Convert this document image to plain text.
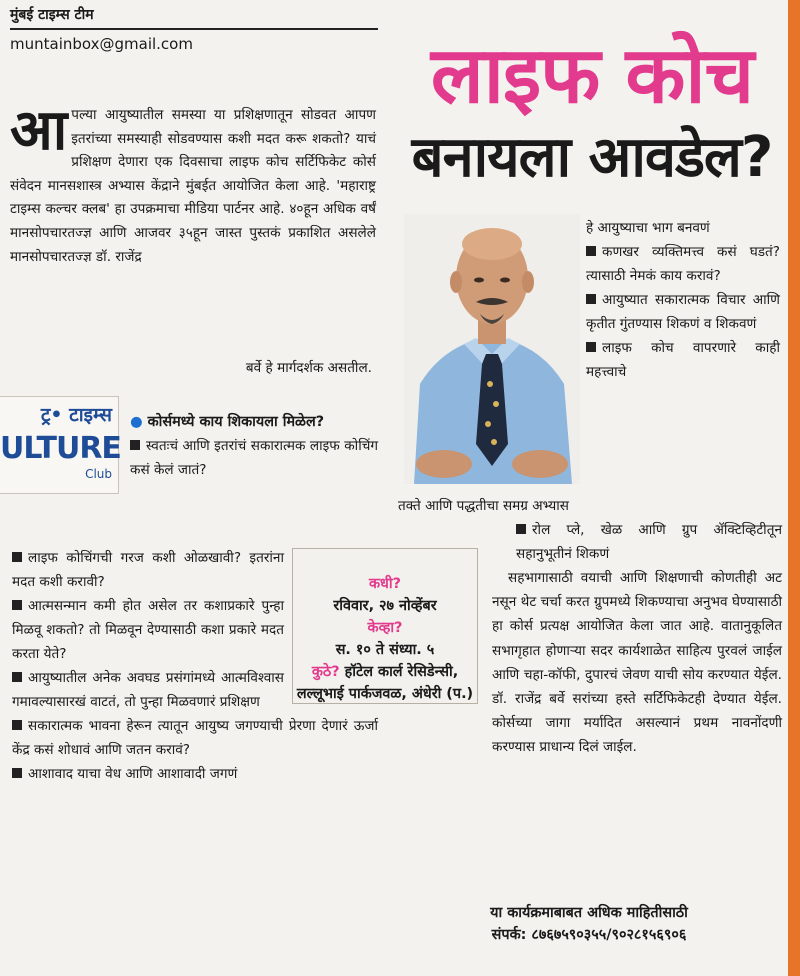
मुंबई टाइम्स टीम
muntainbox@gmail.com	लाइफ कोच
बनायला आवडेल?
आपल्या आयुष्यातील समस्या या प्रशिक्षणातून सोडवत आपण इतरांच्या समस्याही सोडवण्यास कशी मदत करू शकतो? याचं प्रशिक्षण देणारा एक दिवसाचा लाइफ कोच सर्टिफिकेट कोर्स संवेदन मानसशास्त्र अभ्यास केंद्राने मुंबईत आयोजित केला आहे. 'महाराष्ट्र टाइम्स कल्चर क्लब' हा उपक्रमाचा मीडिया पार्टनर आहे. ४०हून अधिक वर्षं मानसोपचारतज्ज्ञ आणि आजवर ३५हून जास्त पुस्तकं प्रकाशित असलेले मानसोपचारतज्ज्ञ डॉ. राजेंद्र
बर्वे हे मार्गदर्शक असतील.
ट्र• टाइम्स
ULTURE
Club

हे आयुष्याचा भाग बनवणं

कणखर व्यक्तिमत्त्व कसं घडतं? त्यासाठी नेमकं काय करावं?

आयुष्यात सकारात्मक विचार आणि कृतीत गुंतण्यास शिकणं व शिकवणं

लाइफ कोच वापरणारे काही महत्त्वाचे

● कोर्समध्ये काय शिकायला मिळेल?

स्वतःचं आणि इतरांचं सकारात्मक लाइफ कोचिंग कसं केलं जातं?

तक्ते आणि पद्धतीचा समग्र अभ्यास

रोल प्ले, खेळ आणि ग्रुप ॲक्टिव्हिटीतून सहानुभूतीनं शिकणं

सहभागासाठी वयाची आणि शिक्षणाची कोणतीही अट नसून थेट चर्चा करत ग्रुपमध्ये शिकण्याचा अनुभव घेण्यासाठी हा कोर्स प्रत्यक्ष आयोजित केला जात आहे. वातानुकूलित सभागृहात होणाऱ्या सदर कार्यशाळेत साहित्य पुरवलं जाईल आणि चहा-कॉफी, दुपारचं जेवण याची सोय करण्यात येईल. डॉ. राजेंद्र बर्वे सरांच्या हस्ते सर्टिफिकेटही देण्यात येईल. कोर्सच्या जागा मर्यादित असल्यानं प्रथम नावनोंदणी करण्यास प्राधान्य दिलं जाईल.

लाइफ कोचिंगची गरज कशी ओळखावी? इतरांना मदत कशी करावी?

आत्मसन्मान कमी होत असेल तर कशाप्रकारे पुन्हा मिळवू शकतो? तो मिळवून देण्यासाठी कशा प्रकारे मदत करता येते?

आयुष्यातील अनेक अवघड प्रसंगांमध्ये आत्मविश्वास गमावल्यासारखं वाटतं, तो पुन्हा मिळवणारं प्रशिक्षण

सकारात्मक भावना हेरून त्यातून आयुष्य जगण्याची प्रेरणा देणारं ऊर्जा केंद्र कसं शोधावं आणि जतन करावं?

आशावाद याचा वेध आणि आशावादी जगणं

कधी?
रविवार, २७ नोव्हेंबर
केव्हा?
स. १० ते संध्या. ५
कुठे? हॉटेल कार्ल रेसिडेन्सी, लल्लूभाई पार्कजवळ, अंधेरी (प.)
या कार्यक्रमाबाबत अधिक माहितीसाठी
संपर्क: ८७६७५९०३५५/९०२८१५६९०६
